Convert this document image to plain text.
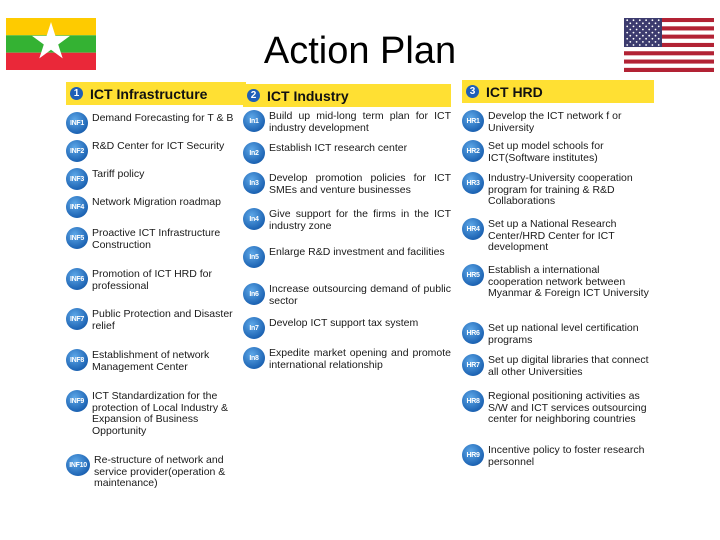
Action Plan
1 ICT Infrastructure
INF1 Demand Forecasting for T & B
INF2 R&D Center for ICT Security
INF3 Tariff policy
INF4 Network Migration roadmap
INF5 Proactive ICT Infrastructure Construction
INF6 Promotion of ICT HRD for professional
INF7 Public Protection and Disaster relief
INF8 Establishment of network Management Center
INF9 ICT Standardization for the protection of Local Industry & Expansion of Business Opportunity
INF10 Re-structure of network and service provider(operation & maintenance)
2 ICT Industry
In1 Build up mid-long term plan for ICT industry development
In2 Establish ICT research center
In3 Develop promotion policies for ICT SMEs and venture businesses
In4 Give support for the firms in the ICT industry zone
In5 Enlarge R&D investment and facilities
In6 Increase outsourcing demand of public sector
In7 Develop ICT support tax system
In8 Expedite market opening and promote international relationship
3 ICT HRD
HR1 Develop the ICT network f or University
HR2 Set up model schools for ICT(Software institutes)
HR3 Industry-University cooperation program for training & R&D Collaborations
HR4 Set up a National Research Center/HRD Center for ICT development
HR5 Establish a international cooperation network between Myanmar & Foreign ICT University
HR6 Set up national level certification programs
HR7 Set up digital libraries that connect all other Universities
HR8 Regional positioning activities as S/W and ICT services outsourcing center for neighboring countries
HR9 Incentive policy to foster research personnel
